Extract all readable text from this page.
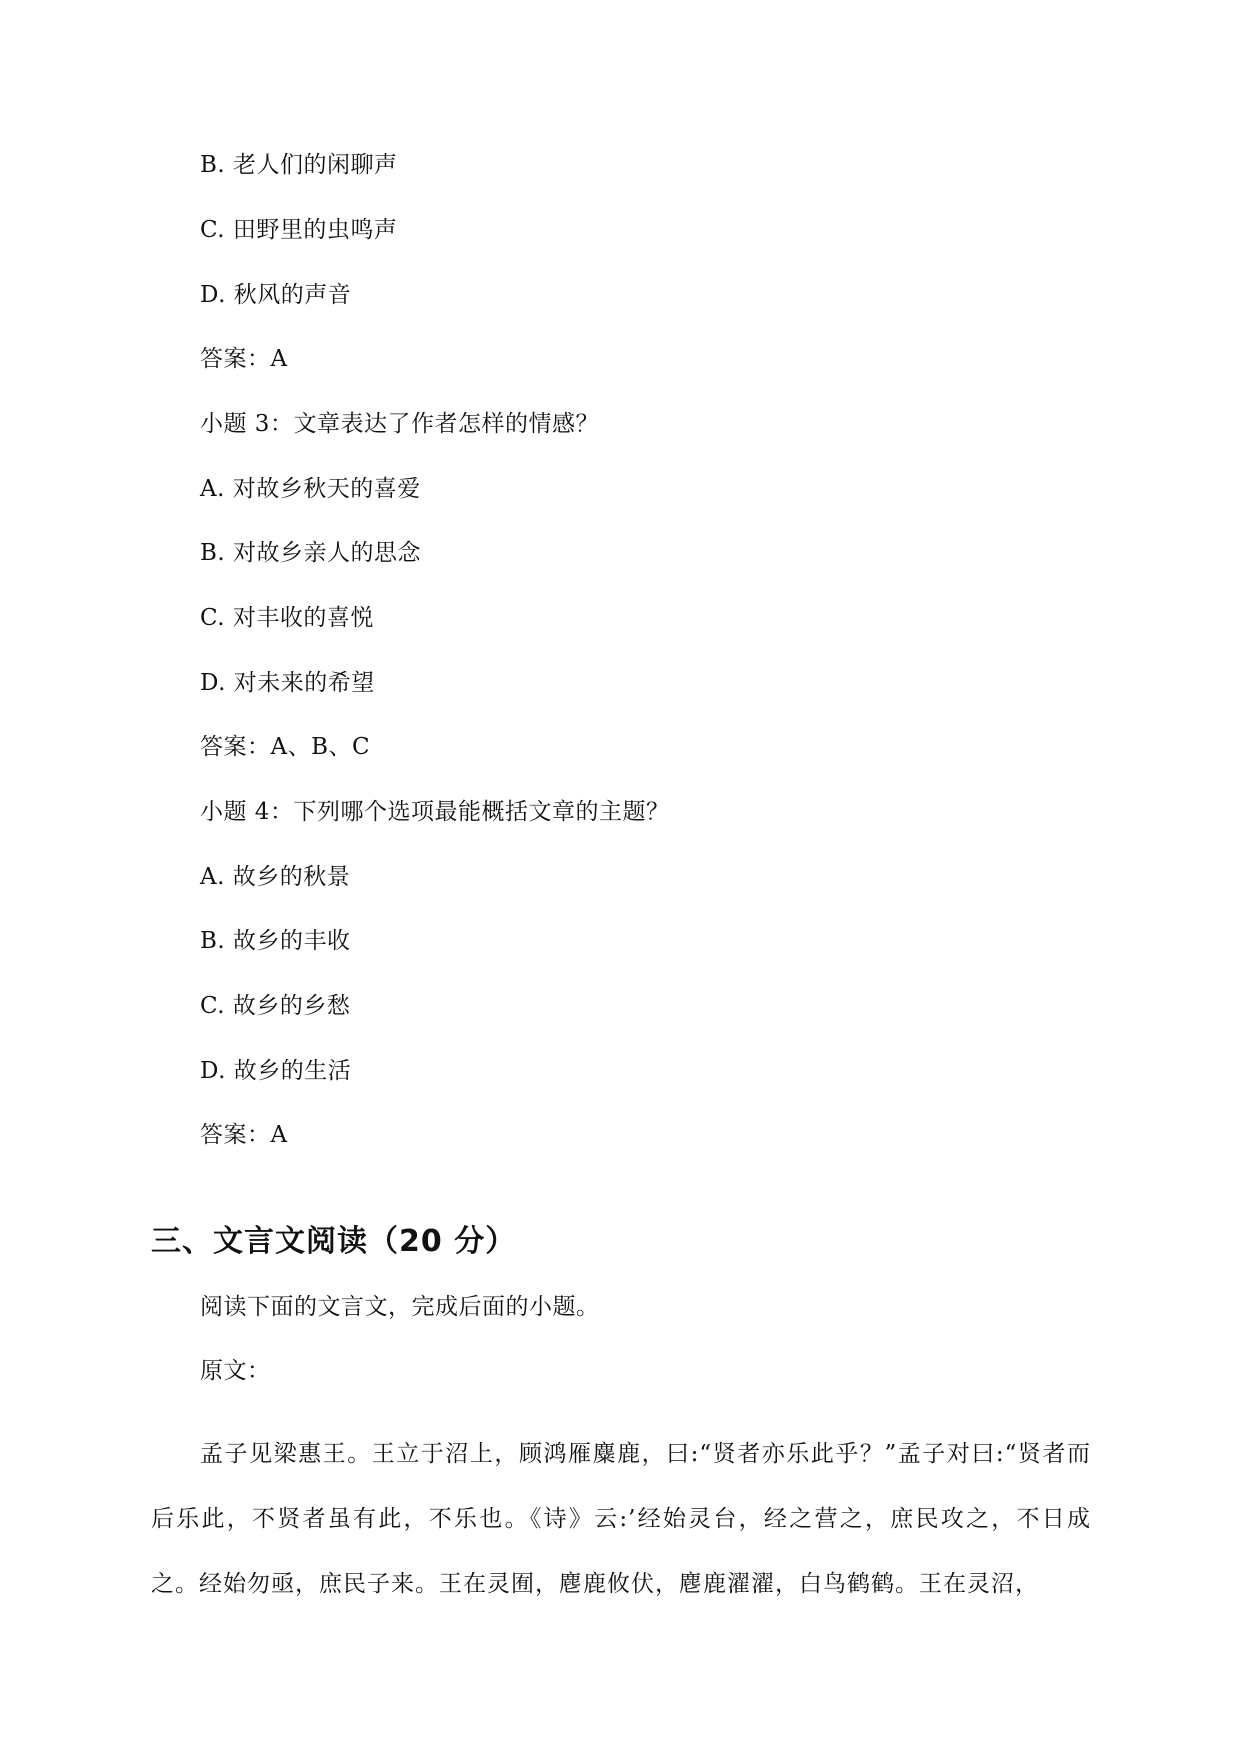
B. 老人们的闲聊声
C. 田野里的虫鸣声
D. 秋风的声音
答案：A
小题 3：文章表达了作者怎样的情感？
A. 对故乡秋天的喜爱
B. 对故乡亲人的思念
C. 对丰收的喜悦
D. 对未来的希望
答案：A、B、C
小题 4：下列哪个选项最能概括文章的主题？
A. 故乡的秋景
B. 故乡的丰收
C. 故乡的乡愁
D. 故乡的生活
答案：A
三、文言文阅读（20 分）
阅读下面的文言文，完成后面的小题。
原文：
孟子见梁惠王。王立于沼上，顾鸿雁麋鹿，曰:“贤者亦乐此乎？”孟子对曰:“贤者而后乐此，不贤者虽有此，不乐也。《诗》云:’经始灵台，经之营之，庶民攻之，不日成之。经始勿亟，庶民子来。王在灵囿，麀鹿攸伏，麀鹿濯濯，白鸟鹤鹤。王在灵沼，
